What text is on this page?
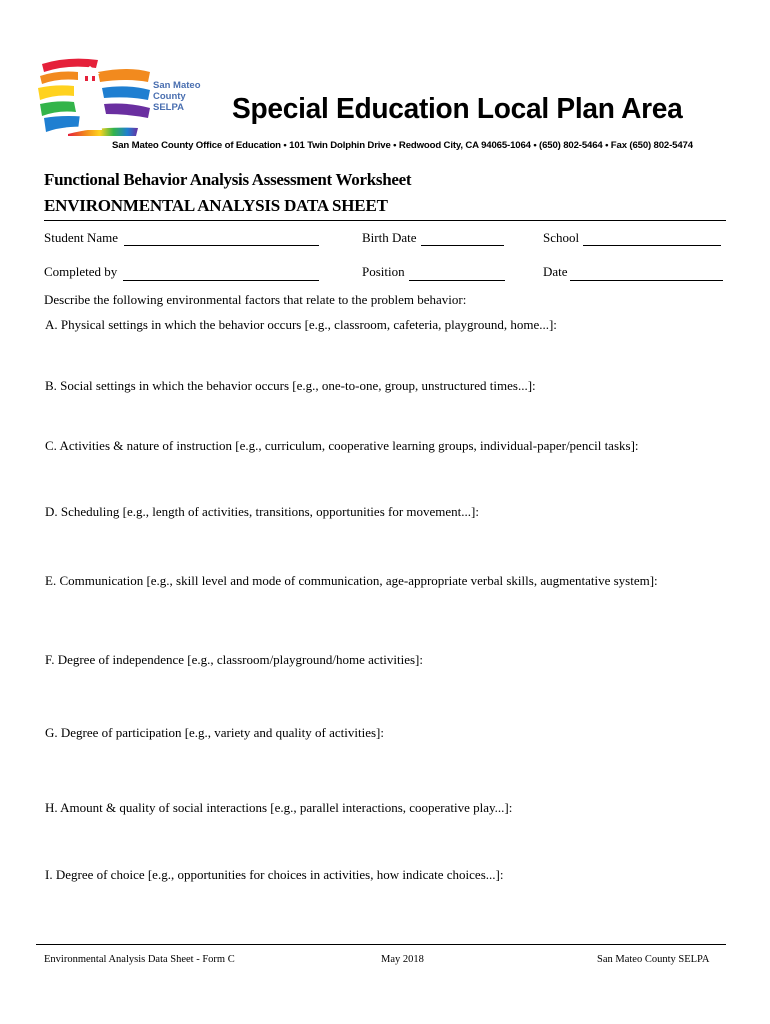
San Mateo
County
SELPA	Special Education Local Plan Area
San Mateo County Office of Education • 101 Twin Dolphin Drive • Redwood City, CA 94065-1064 • (650) 802-5464 • Fax (650) 802-5474
Functional Behavior Analysis Assessment Worksheet
ENVIRONMENTAL ANALYSIS DATA SHEET
Student Name	Birth Date	School
Completed by	Position	Date
Describe the following environmental factors that relate to the problem behavior:
A. Physical settings in which the behavior occurs [e.g., classroom, cafeteria, playground, home...]:
B. Social settings in which the behavior occurs [e.g., one-to-one, group, unstructured times...]:
C. Activities & nature of instruction [e.g., curriculum, cooperative learning groups, individual-paper/pencil tasks]:
D. Scheduling [e.g., length of activities, transitions, opportunities for movement...]:
E. Communication [e.g., skill level and mode of communication, age-appropriate verbal skills, augmentative system]:
F. Degree of independence [e.g., classroom/playground/home activities]:
G. Degree of participation [e.g., variety and quality of activities]:
H. Amount & quality of social interactions [e.g., parallel interactions, cooperative play...]:
I. Degree of choice [e.g., opportunities for choices in activities, how indicate choices...]:
Environmental Analysis Data Sheet - Form C	May 2018	San Mateo County SELPA
